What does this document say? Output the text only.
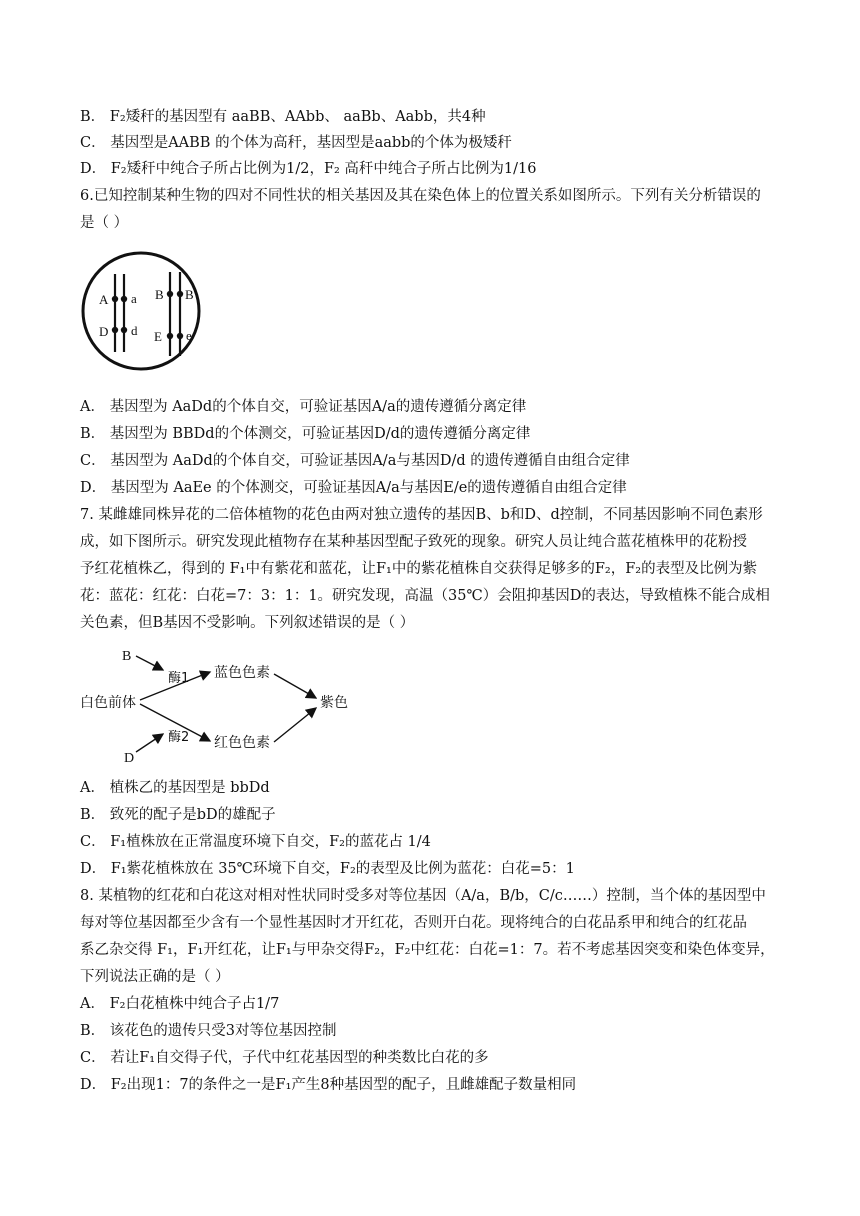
B． F₂矮秆的基因型有 aaBB、AAbb、 aaBb、Aabb，共4种
C． 基因型是AABB 的个体为高秆，基因型是aabb的个体为极矮秆
D． F₂矮秆中纯合子所占比例为1/2，F₂ 高秆中纯合子所占比例为1/16
6.已知控制某种生物的四对不同性状的相关基因及其在染色体上的位置关系如图所示。下列有关分析错误的
是（ ）
A a
D d
B B
E e
A． 基因型为 AaDd的个体自交，可验证基因A/a的遗传遵循分离定律
B． 基因型为 BBDd的个体测交，可验证基因D/d的遗传遵循分离定律
C． 基因型为 AaDd的个体自交，可验证基因A/a与基因D/d 的遗传遵循自由组合定律
D． 基因型为 AaEe 的个体测交，可验证基因A/a与基因E/e的遗传遵循自由组合定律
7. 某雌雄同株异花的二倍体植物的花色由两对独立遗传的基因B、b和D、d控制，不同基因影响不同色素形
成，如下图所示。研究发现此植物存在某种基因型配子致死的现象。研究人员让纯合蓝花植株甲的花粉授
予红花植株乙，得到的 F₁中有紫花和蓝花，让F₁中的紫花植株自交获得足够多的F₂，F₂的表型及比例为紫
花：蓝花：红花：白花=7：3：1：1。研究发现，高温（35℃）会阻抑基因D的表达，导致植株不能合成相
关色素，但B基因不受影响。下列叙述错误的是（ ）
B
酶1 蓝色色素
白色前体	紫色
酶2 红色色素
D
A． 植株乙的基因型是 bbDd
B． 致死的配子是bD的雄配子
C． F₁植株放在正常温度环境下自交，F₂的蓝花占 1/4
D． F₁紫花植株放在 35℃环境下自交，F₂的表型及比例为蓝花：白花=5：1
8. 某植物的红花和白花这对相对性状同时受多对等位基因（A/a，B/b，C/c……）控制，当个体的基因型中
每对等位基因都至少含有一个显性基因时才开红花，否则开白花。现将纯合的白花品系甲和纯合的红花品
系乙杂交得 F₁，F₁开红花，让F₁与甲杂交得F₂，F₂中红花：白花=1：7。若不考虑基因突变和染色体变异，
下列说法正确的是（ ）
A． F₂白花植株中纯合子占1/7
B． 该花色的遗传只受3对等位基因控制
C． 若让F₁自交得子代，子代中红花基因型的种类数比白花的多
D． F₂出现1：7的条件之一是F₁产生8种基因型的配子，且雌雄配子数量相同
